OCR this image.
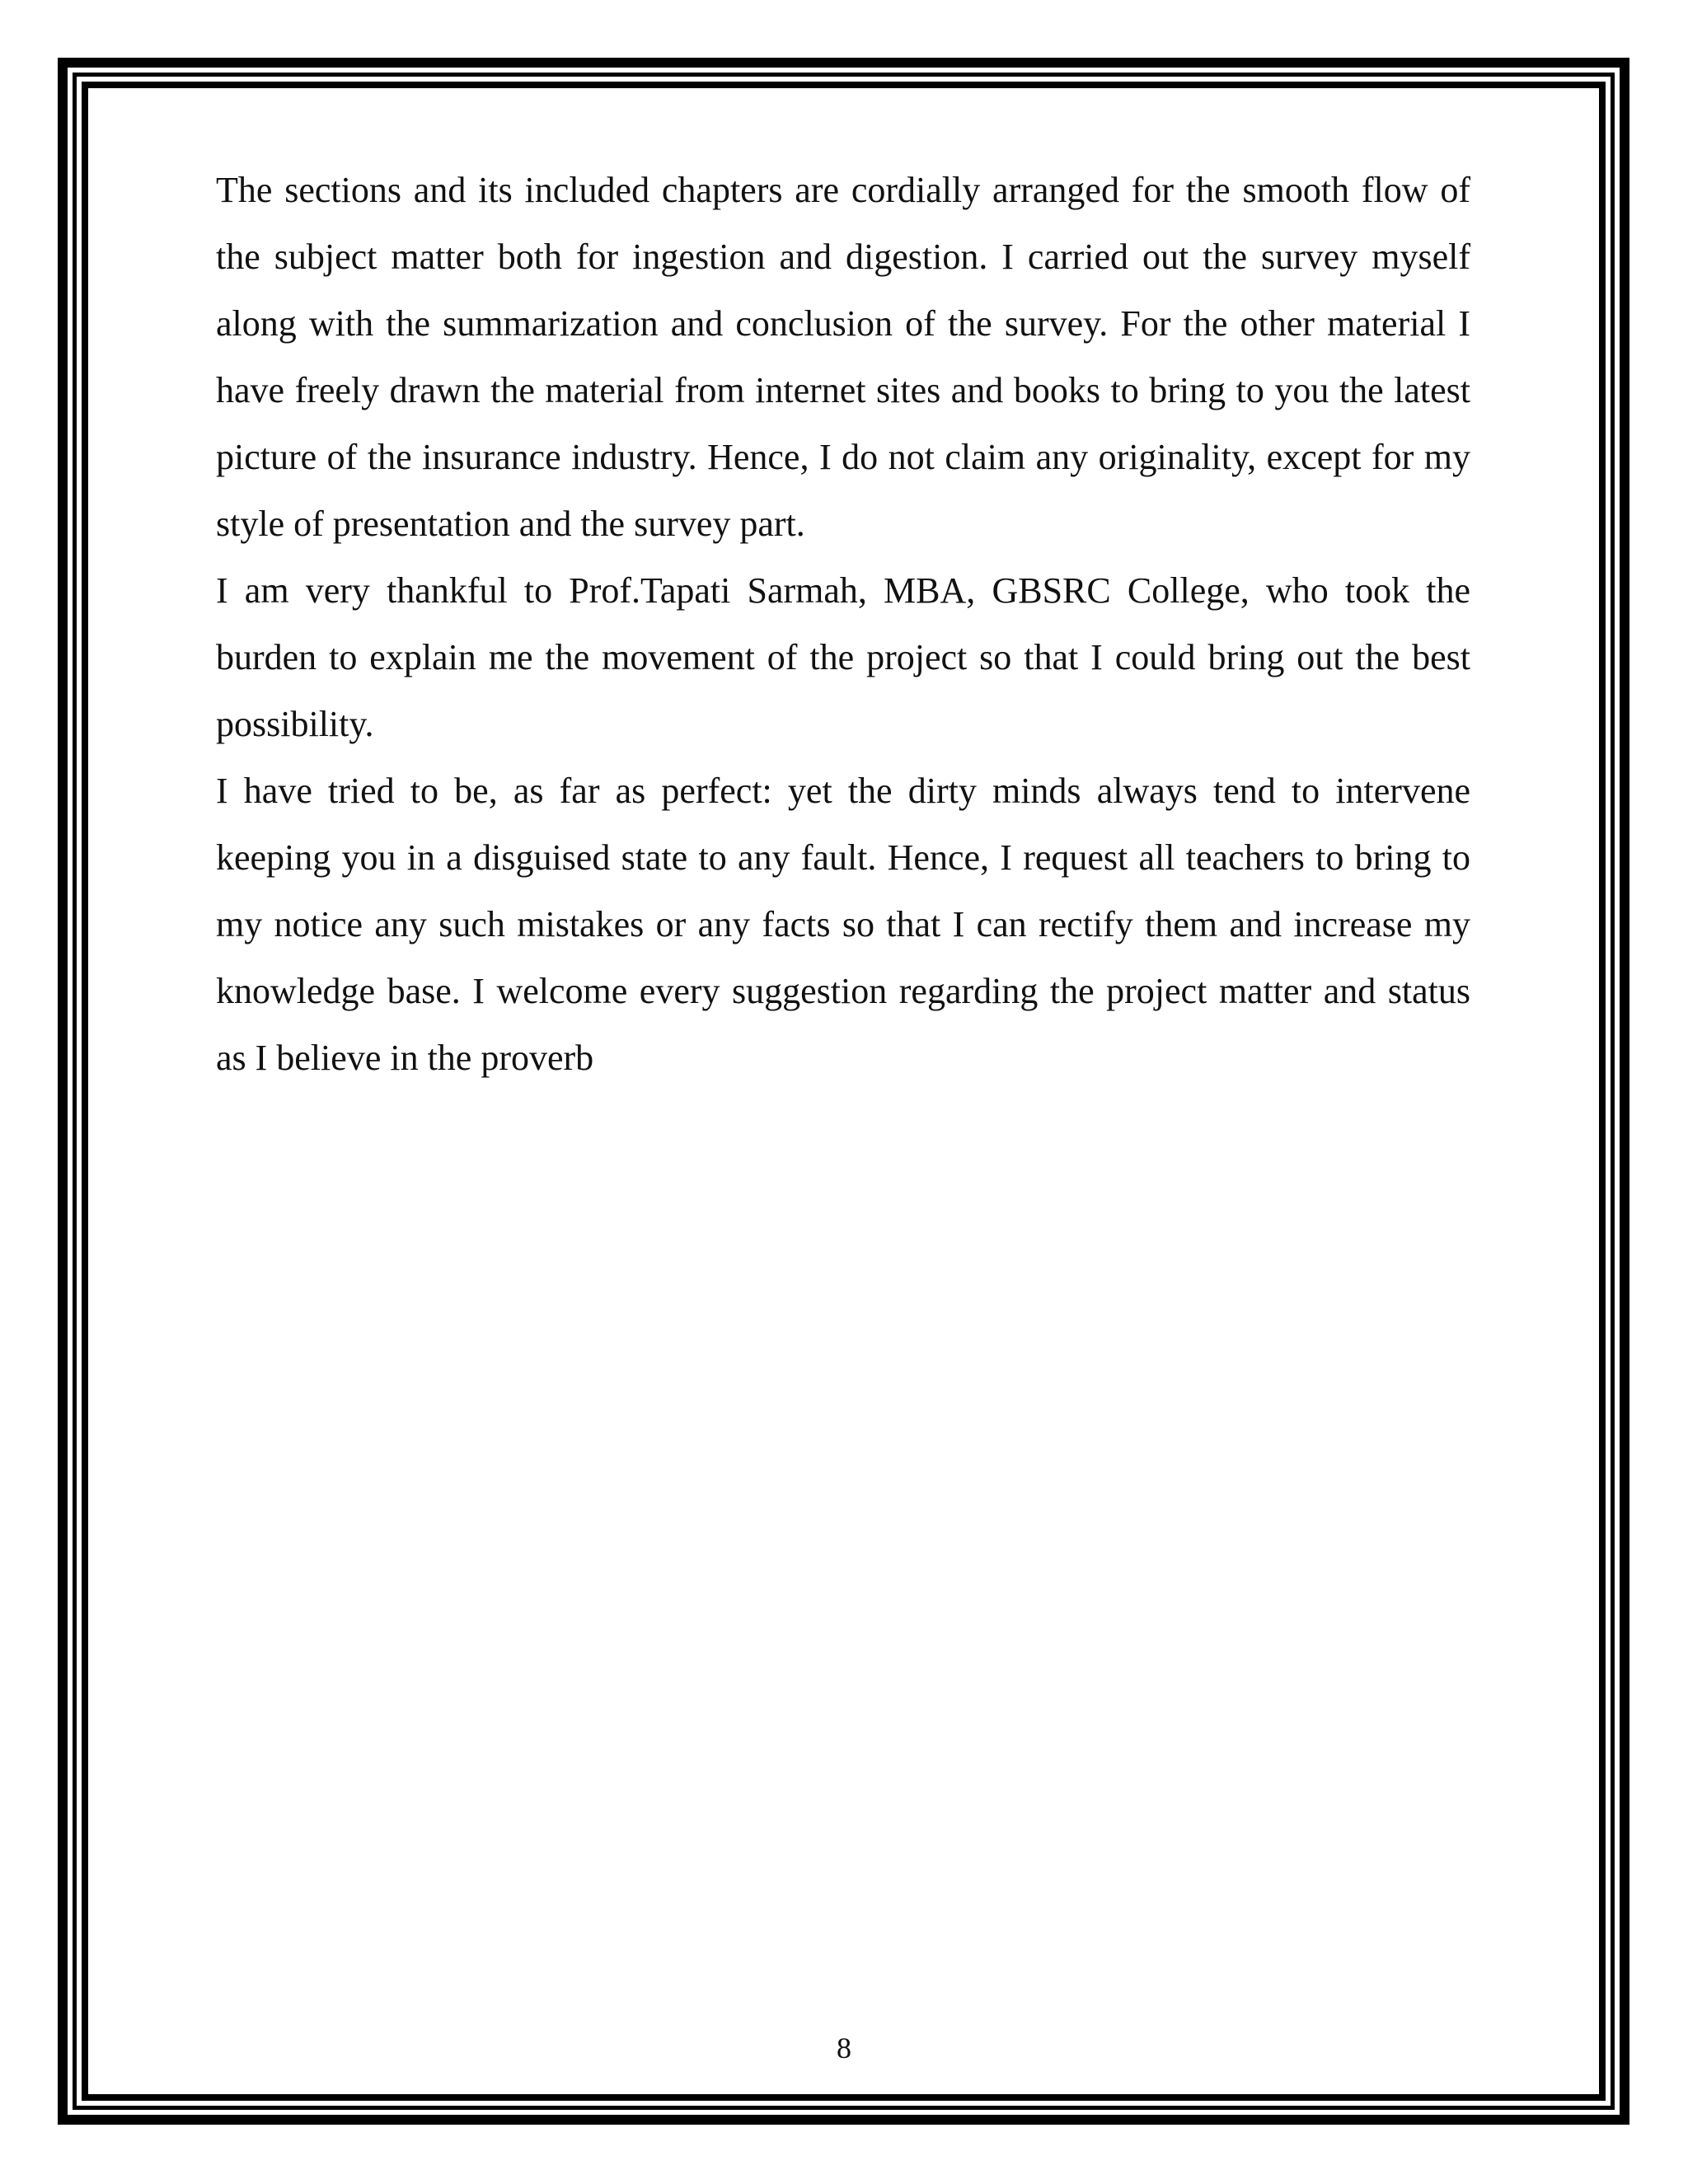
The sections and its included chapters are cordially arranged for the smooth flow of the subject matter both for ingestion and digestion. I carried out the survey myself along with the summarization and conclusion of the survey. For the other material I have freely drawn the material from internet sites and books to bring to you the latest picture of the insurance industry. Hence, I do not claim any originality, except for my style of presentation and the survey part.

I am very thankful to Prof.Tapati Sarmah, MBA, GBSRC College, who took the burden to explain me the movement of the project so that I could bring out the best possibility.

I have tried to be, as far as perfect: yet the dirty minds always tend to intervene keeping you in a disguised state to any fault. Hence, I request all teachers to bring to my notice any such mistakes or any facts so that I can rectify them and increase my knowledge base. I welcome every suggestion regarding the project matter and status as I believe in the proverb

8
